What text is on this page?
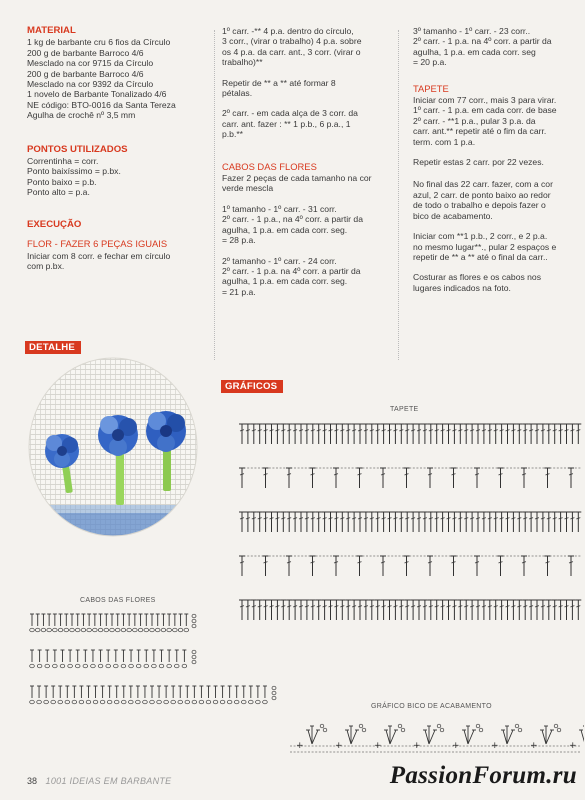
MATERIAL
1 kg de barbante cru 6 fios da Círculo
200 g de barbante Barroco 4/6
Mesclado na cor 9715 da Círculo
200 g de barbante Barroco 4/6
Mesclado na cor 9392 da Círculo
1 novelo de Barbante Tonalizado 4/6
NE código: BTO-0016 da Santa Tereza
Agulha de crochê nº 3,5 mm
PONTOS UTILIZADOS
Correntinha = corr.
Ponto baixíssimo = p.bx.
Ponto baixo = p.b.
Ponto alto = p.a.
EXECUÇÃO
FLOR - FAZER 6 PEÇAS IGUAIS
Iniciar com 8 corr. e fechar em círculo
com p.bx.
DETALHE
1º carr. -** 4 p.a. dentro do círculo,
3 corr., (virar o trabalho) 4 p.a. sobre
os 4 p.a. da carr. ant., 3 corr. (virar o
trabalho)**
Repetir de ** a ** até formar 8
pétalas.
2º carr. - em cada alça de 3 corr. da
carr. ant. fazer : ** 1 p.b., 6 p.a., 1
p.b.**
CABOS DAS FLORES
Fazer 2 peças de cada tamanho na cor
verde mescla
1º tamanho - 1º carr. - 31 corr.
2º carr. - 1 p.a., na 4º corr. a partir da
agulha, 1 p.a. em cada corr. seg.
= 28 p.a.
2º tamanho - 1º carr. - 24 corr.
2º carr. - 1 p.a. na 4º corr. a partir da
agulha, 1 p.a. em cada corr. seg.
= 21 p.a.
3º tamanho - 1º carr. - 23 corr..
2º carr. - 1 p.a. na 4º corr. a partir da
agulha, 1 p.a. em cada corr. seg
= 20 p.a.
TAPETE
Iniciar com 77 corr., mais 3 para virar.
1º carr. - 1 p.a. em cada corr. de base
2º carr. - **1 p.a., pular 3 p.a. da
carr. ant.** repetir até o fim da carr.
term. com 1 p.a.
Repetir estas 2 carr. por 22 vezes.
No final das 22 carr. fazer, com a cor
azul, 2 carr. de ponto baixo ao redor
de todo o trabalho e depois fazer o
bico de acabamento.
Iniciar com **1 p.b., 2 corr., e 2 p.a.
no mesmo lugar**., pular 2 espaços e
repetir de ** a ** até o final da carr..
Costurar as flores e os cabos nos
lugares indicados na foto.
GRÁFICOS
TAPETE
CABOS DAS FLORES
GRÁFICO BICO DE ACABAMENTO
+	+	+	+	+	+	+	+
38 1001 IDEIAS EM BARBANTE	PassionForum.ru
